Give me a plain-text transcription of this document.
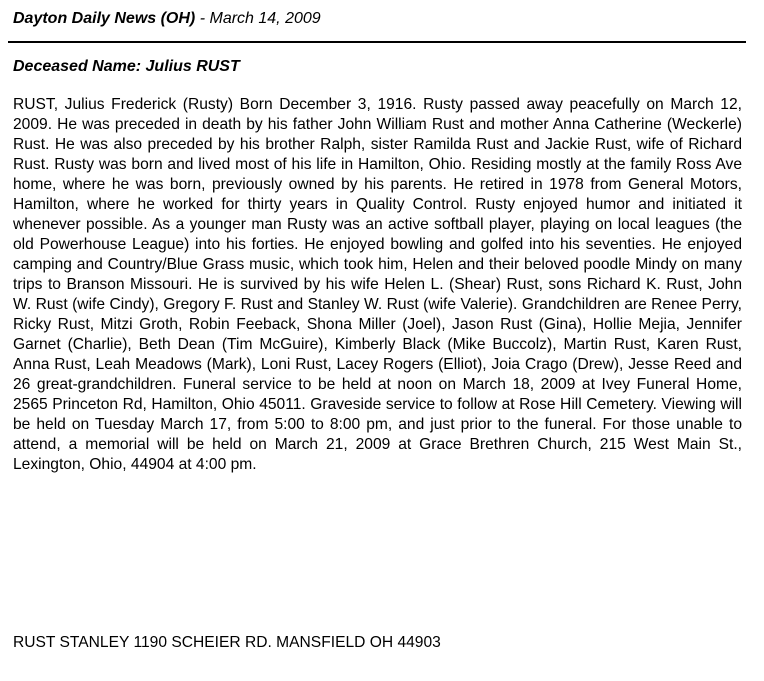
Dayton Daily News (OH) - March 14, 2009
Deceased Name: Julius RUST
RUST, Julius Frederick (Rusty) Born December 3, 1916. Rusty passed away peacefully on March 12, 2009. He was preceded in death by his father John William Rust and mother Anna Catherine (Weckerle) Rust. He was also preceded by his brother Ralph, sister Ramilda Rust and Jackie Rust, wife of Richard Rust. Rusty was born and lived most of his life in Hamilton, Ohio. Residing mostly at the family Ross Ave home, where he was born, previously owned by his parents. He retired in 1978 from General Motors, Hamilton, where he worked for thirty years in Quality Control. Rusty enjoyed humor and initiated it whenever possible. As a younger man Rusty was an active softball player, playing on local leagues (the old Powerhouse League) into his forties. He enjoyed bowling and golfed into his seventies. He enjoyed camping and Country/Blue Grass music, which took him, Helen and their beloved poodle Mindy on many trips to Branson Missouri. He is survived by his wife Helen L. (Shear) Rust, sons Richard K. Rust, John W. Rust (wife Cindy), Gregory F. Rust and Stanley W. Rust (wife Valerie). Grandchildren are Renee Perry, Ricky Rust, Mitzi Groth, Robin Feeback, Shona Miller (Joel), Jason Rust (Gina), Hollie Mejia, Jennifer Garnet (Charlie), Beth Dean (Tim McGuire), Kimberly Black (Mike Buccolz), Martin Rust, Karen Rust, Anna Rust, Leah Meadows (Mark), Loni Rust, Lacey Rogers (Elliot), Joia Crago (Drew), Jesse Reed and 26 great-grandchildren. Funeral service to be held at noon on March 18, 2009 at Ivey Funeral Home, 2565 Princeton Rd, Hamilton, Ohio 45011. Graveside service to follow at Rose Hill Cemetery. Viewing will be held on Tuesday March 17, from 5:00 to 8:00 pm, and just prior to the funeral. For those unable to attend, a memorial will be held on March 21, 2009 at Grace Brethren Church, 215 West Main St., Lexington, Ohio, 44904 at 4:00 pm.
RUST STANLEY 1190 SCHEIER RD. MANSFIELD OH 44903
